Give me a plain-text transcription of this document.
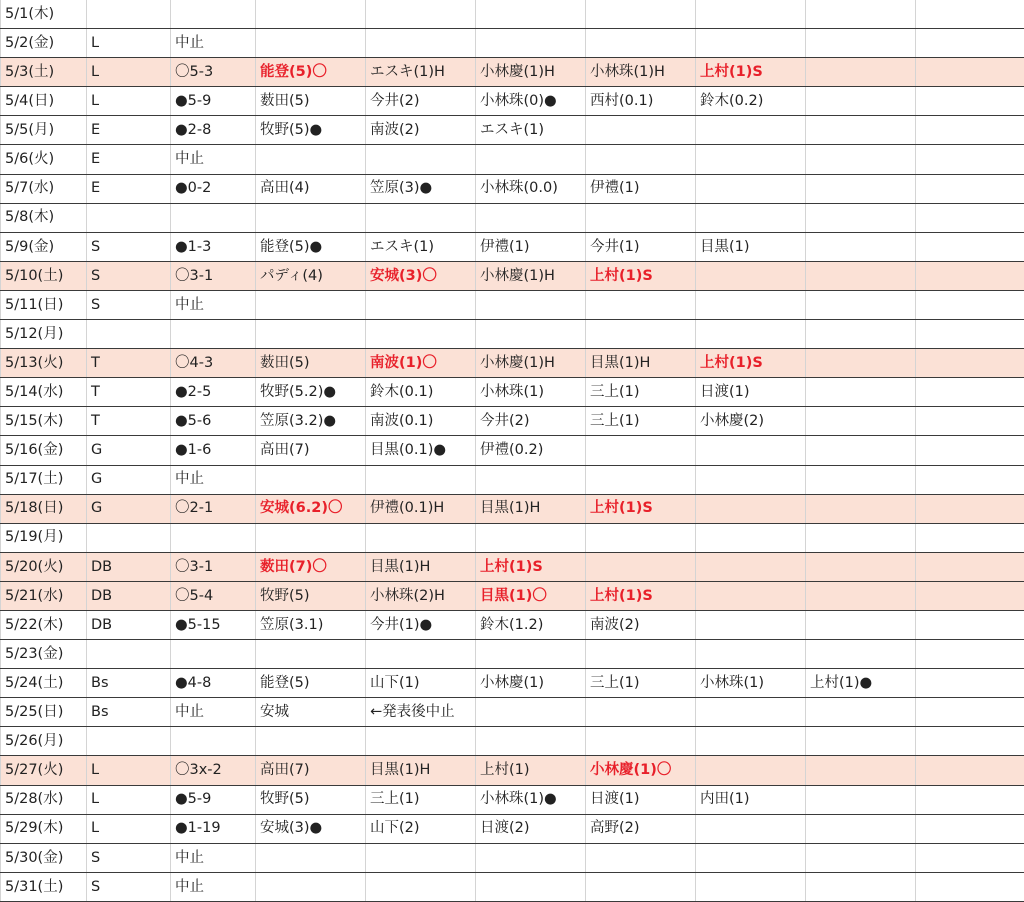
5/1(木)										
5/2(金)	L	中止								
5/3(土)	L	〇5-3	能登(5)〇	エスキ(1)H	小林慶(1)H	小林珠(1)H	上村(1)S			
5/4(日)	L	●5-9	薮田(5)	今井(2)	小林珠(0)●	西村(0.1)	鈴木(0.2)			
5/5(月)	E	●2-8	牧野(5)●	南波(2)	エスキ(1)					
5/6(火)	E	中止								
5/7(水)	E	●0-2	高田(4)	笠原(3)●	小林珠(0.0)	伊禮(1)				
5/8(木)										
5/9(金)	S	●1-3	能登(5)●	エスキ(1)	伊禮(1)	今井(1)	目黒(1)			
5/10(土)	S	〇3-1	パディ(4)	安城(3)〇	小林慶(1)H	上村(1)S				
5/11(日)	S	中止								
5/12(月)										
5/13(火)	T	〇4-3	薮田(5)	南波(1)〇	小林慶(1)H	目黒(1)H	上村(1)S			
5/14(水)	T	●2-5	牧野(5.2)●	鈴木(0.1)	小林珠(1)	三上(1)	日渡(1)			
5/15(木)	T	●5-6	笠原(3.2)●	南波(0.1)	今井(2)	三上(1)	小林慶(2)			
5/16(金)	G	●1-6	高田(7)	目黒(0.1)●	伊禮(0.2)					
5/17(土)	G	中止								
5/18(日)	G	〇2-1	安城(6.2)〇	伊禮(0.1)H	目黒(1)H	上村(1)S				
5/19(月)										
5/20(火)	DB	〇3-1	薮田(7)〇	目黒(1)H	上村(1)S					
5/21(水)	DB	〇5-4	牧野(5)	小林珠(2)H	目黒(1)〇	上村(1)S				
5/22(木)	DB	●5-15	笠原(3.1)	今井(1)●	鈴木(1.2)	南波(2)				
5/23(金)										
5/24(土)	Bs	●4-8	能登(5)	山下(1)	小林慶(1)	三上(1)	小林珠(1)	上村(1)●		
5/25(日)	Bs	中止	安城	←発表後中止						
5/26(月)										
5/27(火)	L	〇3x-2	高田(7)	目黒(1)H	上村(1)	小林慶(1)〇				
5/28(水)	L	●5-9	牧野(5)	三上(1)	小林珠(1)●	日渡(1)	内田(1)			
5/29(木)	L	●1-19	安城(3)●	山下(2)	日渡(2)	高野(2)				
5/30(金)	S	中止								
5/31(土)	S	中止								
